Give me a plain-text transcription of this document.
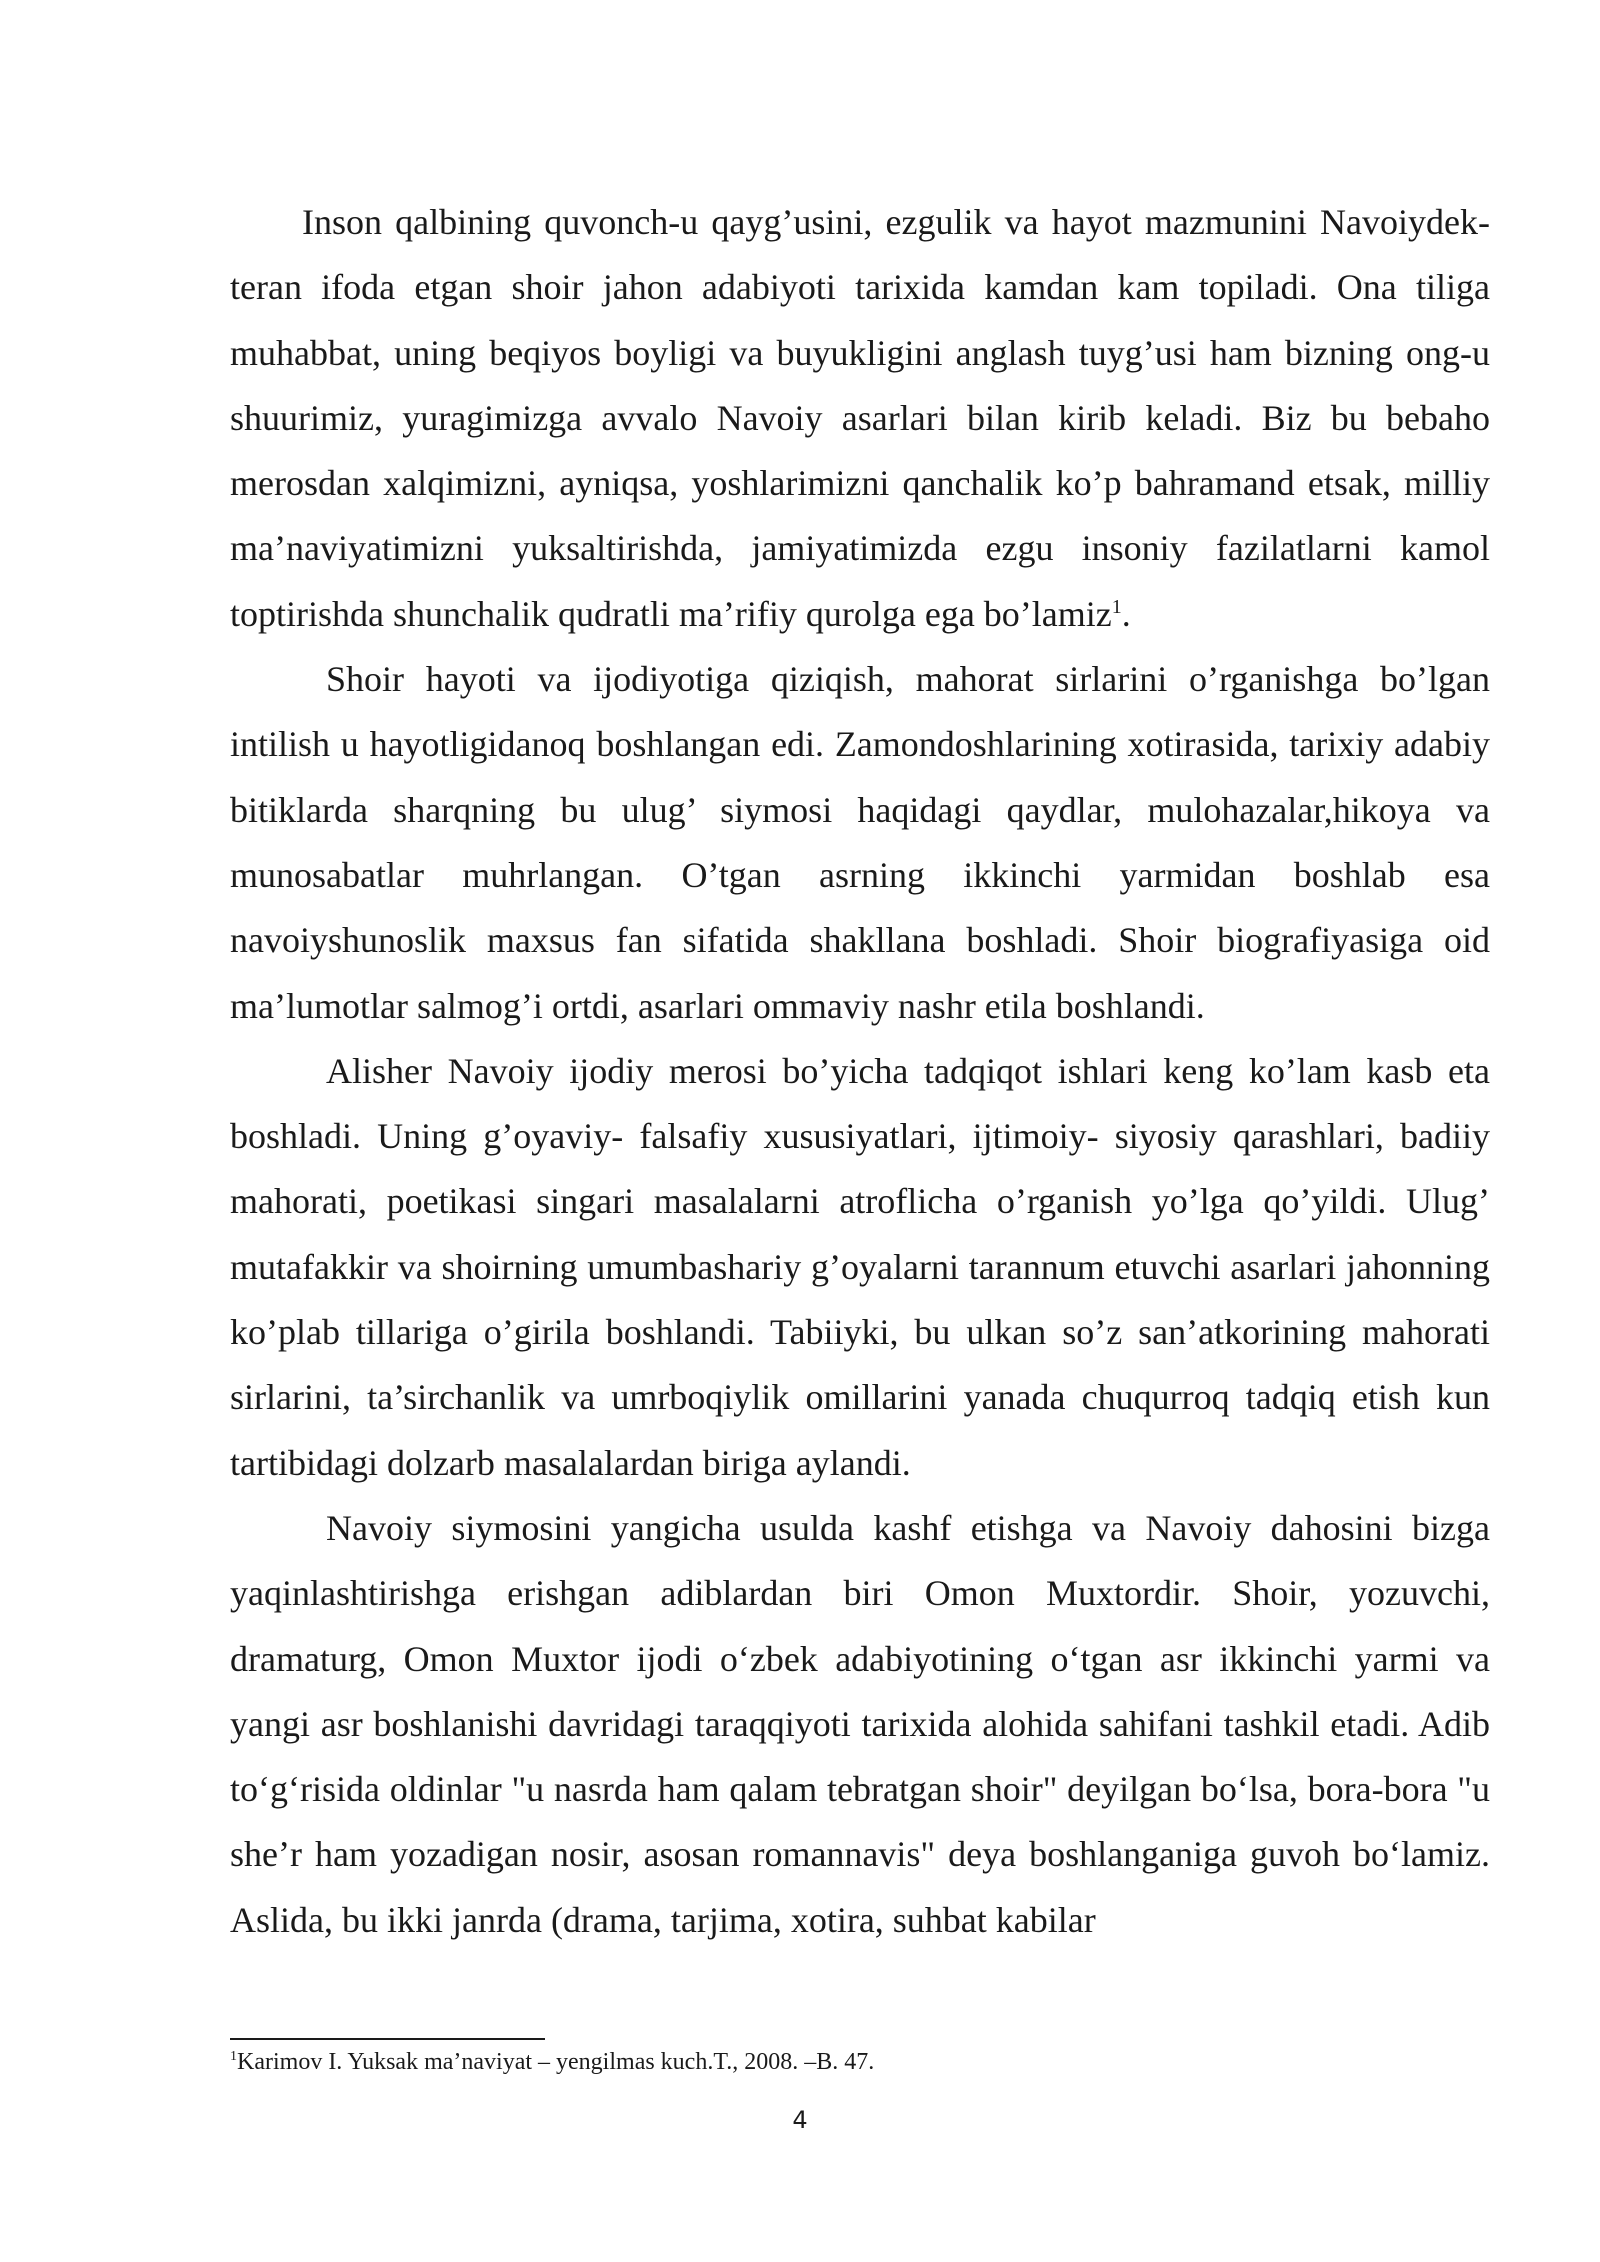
Inson qalbining quvonch-u qayg’usini, ezgulik va hayot mazmunini Navoiydek- teran ifoda etgan shoir jahon adabiyoti tarixida kamdan kam topiladi. Ona tiliga muhabbat, uning beqiyos boyligi va buyukligini anglash tuyg’usi ham bizning ong-u shuurimiz, yuragimizga avvalo Navoiy asarlari bilan kirib keladi. Biz bu bebaho merosdan xalqimizni, ayniqsa, yoshlarimizni qanchalik ko’p bahramand etsak, milliy ma’naviyatimizni yuksaltirishda, jamiyatimizda ezgu insoniy fazilatlarni kamol toptirishda shunchalik qudratli ma’rifiy qurolga ega bo’lamiz$^1$.

Shoir hayoti va ijodiyotiga qiziqish, mahorat sirlarini o’rganishga bo’lgan intilish u hayotligidanoq boshlangan edi. Zamondoshlarining xotirasida, tarixiy adabiy bitiklarda sharqning bu ulug’ siymosi haqidagi qaydlar, mulohazalar,hikoya va munosabatlar muhrlangan. O’tgan asrning ikkinchi yarmidan boshlab esa navoiyshunoslik maxsus fan sifatida shakllana boshladi. Shoir biografiyasiga oid ma’lumotlar salmog’i ortdi, asarlari ommaviy nashr etila boshlandi.

Alisher Navoiy ijodiy merosi bo’yicha tadqiqot ishlari keng ko’lam kasb eta boshladi. Uning g’oyaviy- falsafiy xususiyatlari, ijtimoiy- siyosiy qarashlari, badiiy mahorati, poetikasi singari masalalarni atroflicha o’rganish yo’lga qo’yildi. Ulug’ mutafakkir va shoirning umumbashariy g’oyalarni tarannum etuvchi asarlari jahonning ko’plab tillariga o’girila boshlandi. Tabiiyki, bu ulkan so’z san’atkorining mahorati sirlarini, ta’sirchanlik va umrboqiylik omillarini yanada chuqurroq tadqiq etish kun tartibidagi dolzarb masalalardan biriga aylandi.

Navoiy siymosini yangicha usulda kashf etishga va Navoiy dahosini bizga yaqinlashtirishga erishgan adiblardan biri Omon Muxtordir. Shoir, yozuvchi, dramaturg, Omon Muxtor ijodi oʻzbek adabiyotining oʻtgan asr ikkinchi yarmi va yangi asr boshlanishi davridagi taraqqiyoti tarixida alohida sahifani tashkil etadi. Adib toʻgʻrisida oldinlar "u nasrda ham qalam tebratgan shoir" deyilgan boʻlsa, bora-bora "u sheʼr ham yozadigan nosir, asosan romannavis" deya boshlanganiga guvoh boʻlamiz. Aslida, bu ikki janrda (drama, tarjima, xotira, suhbat kabilar

$^1$Karimov I. Yuksak ma’naviyat – yengilmas kuch.T., 2008. –B. 47.
4
